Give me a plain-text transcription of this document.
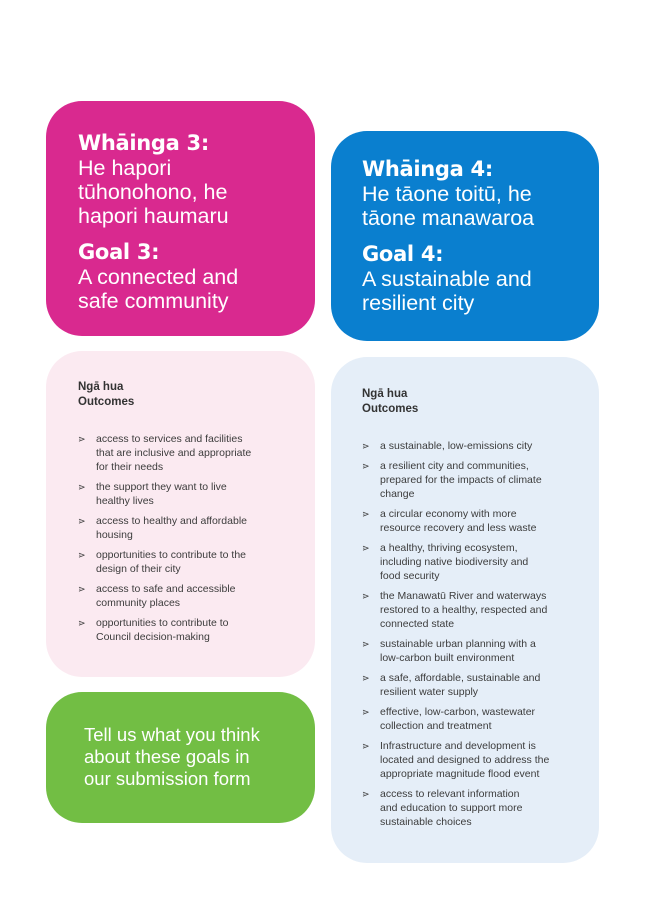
Whāinga 3:
He hapori
tūhonohono, he
hapori haumaru
Goal 3:
A connected and
safe community
Whāinga 4:
He tāone toitū, he
tāone manawaroa
Goal 4:
A sustainable and
resilient city
Ngā hua
Outcomes
⋗ access to services and facilities
that are inclusive and appropriate
for their needs
⋗ the support they want to live
healthy lives
⋗ access to healthy and affordable
housing
⋗ opportunities to contribute to the
design of their city
⋗ access to safe and accessible
community places
⋗ opportunities to contribute to
Council decision-making
Ngā hua
Outcomes
⋗ a sustainable, low-emissions city
⋗ a resilient city and communities,
prepared for the impacts of climate
change
⋗ a circular economy with more
resource recovery and less waste
⋗ a healthy, thriving ecosystem,
including native biodiversity and
food security
⋗ the Manawatū River and waterways
restored to a healthy, respected and
connected state
⋗ sustainable urban planning with a
low-carbon built environment
⋗ a safe, affordable, sustainable and
resilient water supply
⋗ effective, low-carbon, wastewater
collection and treatment
⋗ Infrastructure and development is
located and designed to address the
appropriate magnitude flood event
⋗ access to relevant information
and education to support more
sustainable choices
Tell us what you think
about these goals in
our submission form
